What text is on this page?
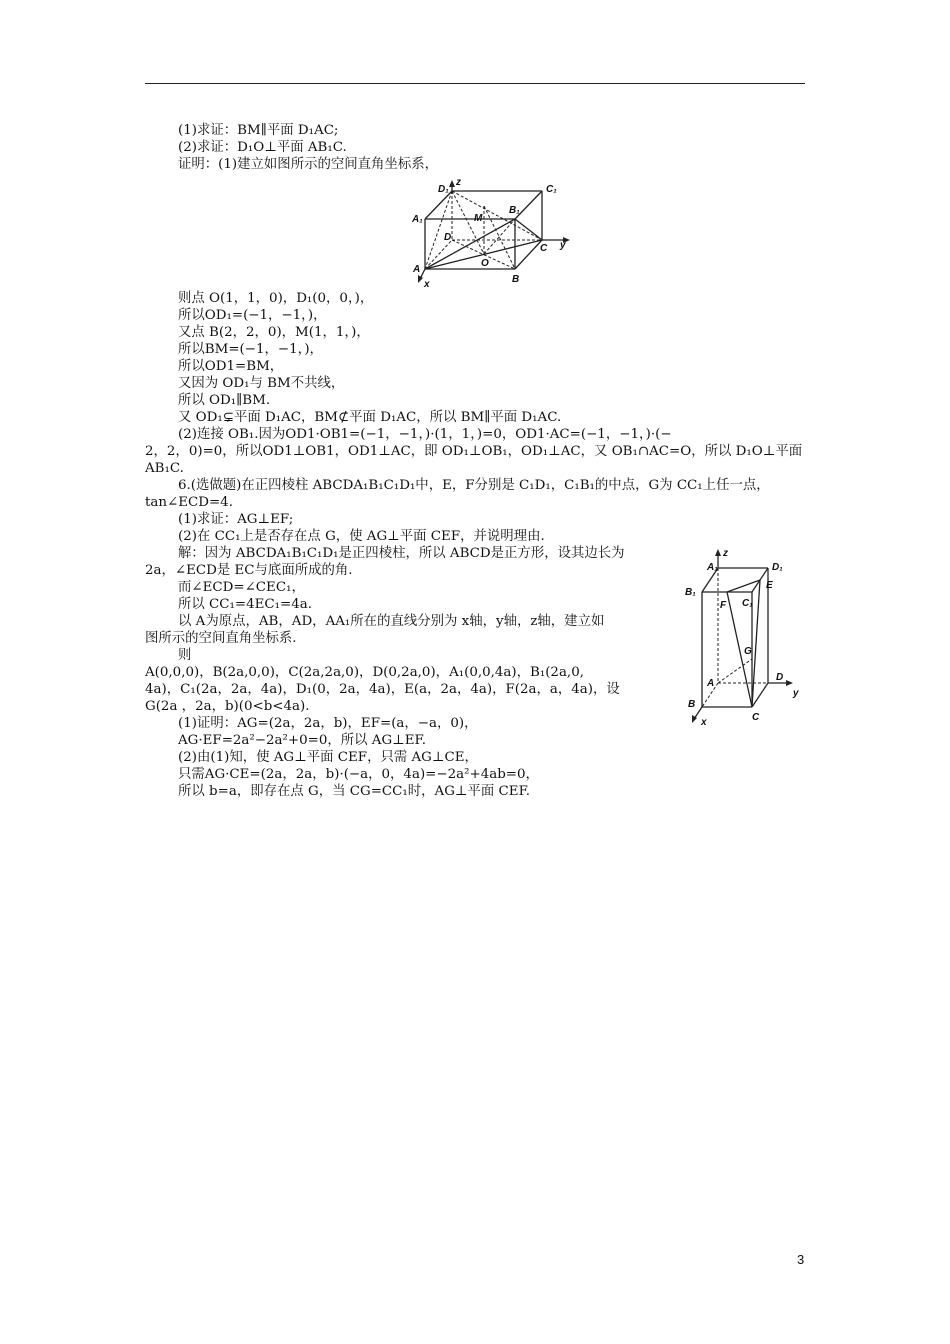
(1)求证：BM∥平面 D₁AC;
(2)求证：D₁O⊥平面 AB₁C.
证明：(1)建立如图所示的空间直角坐标系，
则点 O(1，1，0)，D₁(0，0，)，
所以OD₁=(−1，−1，)，
又点 B(2，2，0)，M(1，1，)，
所以BM=(−1，−1，)，
所以OD1=BM，
又因为 OD₁与 BM不共线，
所以 OD₁∥BM.
又 OD₁⊊平面 D₁AC，BM⊄平面 D₁AC，所以 BM∥平面 D₁AC.
(2)连接 OB₁.因为OD1·OB1=(−1，−1，)·(1，1，)=0，OD1·AC=(−1，−1，)·(−
2，2，0)=0，所以OD1⊥OB1，OD1⊥AC，即 OD₁⊥OB₁，OD₁⊥AC，又 OB₁∩AC=O，所以 D₁O⊥平面
AB₁C.
6.(选做题)在正四棱柱 ABCDA₁B₁C₁D₁中，E，F分别是 C₁D₁，C₁B₁的中点，G为 CC₁上任一点，
tan∠ECD=4.
(1)求证：AG⊥EF;
(2)在 CC₁上是否存在点 G，使 AG⊥平面 CEF，并说明理由.
解：因为 ABCDA₁B₁C₁D₁是正四棱柱，所以 ABCD是正方形，设其边长为
2a，∠ECD是 EC与底面所成的角.
而∠ECD=∠CEC₁，
所以 CC₁=4EC₁=4a.
以 A为原点，AB，AD，AA₁所在的直线分别为 x轴，y轴，z轴，建立如
图所示的空间直角坐标系.
则
A(0,0,0)，B(2a,0,0)，C(2a,2a,0)，D(0,2a,0)，A₁(0,0,4a)，B₁(2a,0,
4a)，C₁(2a，2a，4a)，D₁(0，2a，4a)，E(a，2a，4a)，F(2a，a，4a)，设
G(2a ，2a，b)(0<b<4a).
(1)证明：AG=(2a，2a，b)，EF=(a，−a，0)，
AG·EF=2a²−2a²+0=0，所以 AG⊥EF.
(2)由(1)知，使 AG⊥平面 CEF，只需 AG⊥CE，
只需AG·CE=(2a，2a，b)·(−a，0，4a)=−2a²+4ab=0，
所以 b=a，即存在点 G，当 CG=CC₁时，AG⊥平面 CEF.
D₁
z
C₁
A₁	M
B₁
D
C y
A
O
B
x
z
A₁	D₁
B₁
E
F C₁
G
A
D
y
B
C
x
3
